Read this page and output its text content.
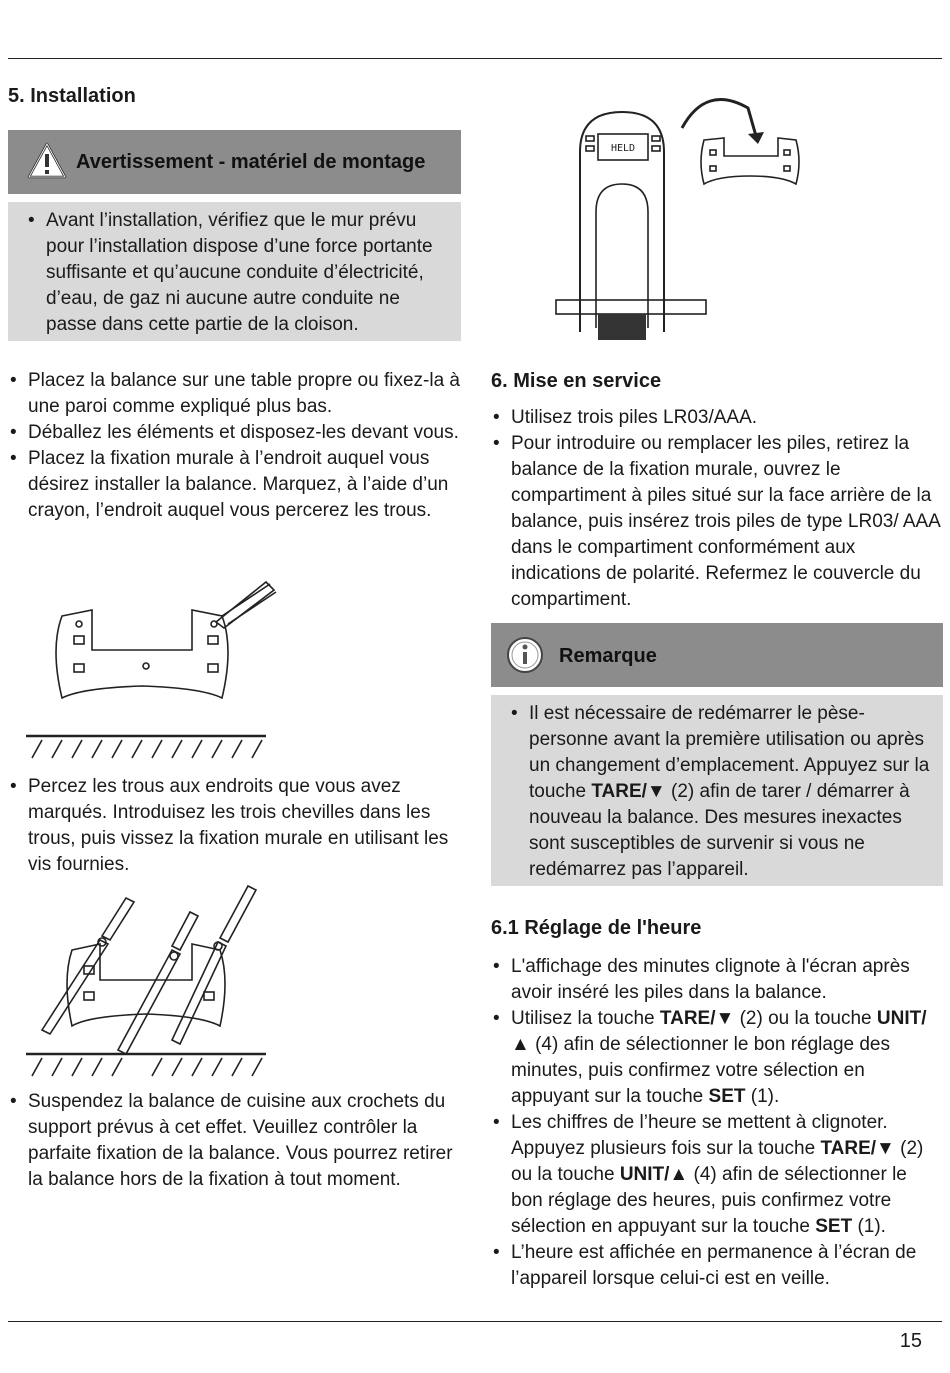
5. Installation
Avertissement - matériel de montage
• Avant l’installation, vérifiez que le mur prévu pour l’installation dispose d’une force portante suffisante et qu’aucune conduite d’électricité, d’eau, de gaz ni aucune autre conduite ne passe dans cette partie de la cloison.
• Placez la balance sur une table propre ou fixez-la à une paroi comme expliqué plus bas.
• Déballez les éléments et disposez-les devant vous.
• Placez la fixation murale à l’endroit auquel vous désirez installer la balance. Marquez, à l’aide d’un crayon, l’endroit auquel vous percerez les trous.
• Percez les trous aux endroits que vous avez marqués. Introduisez les trois chevilles dans les trous, puis vissez la fixation murale en utilisant les vis fournies.
• Suspendez la balance de cuisine aux crochets du support prévus à cet effet. Veuillez contrôler la parfaite fixation de la balance. Vous pourrez retirer la balance hors de la fixation à tout moment.
HELD
6. Mise en service
• Utilisez trois piles LR03/AAA.
• Pour introduire ou remplacer les piles, retirez la balance de la fixation murale, ouvrez le compartiment à piles situé sur la face arrière de la balance, puis insérez trois piles de type LR03/ AAA dans le compartiment conformément aux indications de polarité. Refermez le couvercle du compartiment.
Remarque
• Il est nécessaire de redémarrer le pèse-personne avant la première utilisation ou après un changement d’emplacement. Appuyez sur la touche TARE/▼ (2) afin de tarer / démarrer à nouveau la balance. Des mesures inexactes sont susceptibles de survenir si vous ne redémarrez pas l’appareil.
6.1 Réglage de l'heure
• L'affichage des minutes clignote à l'écran après avoir inséré les piles dans la balance.
• Utilisez la touche TARE/▼ (2) ou la touche UNIT/▲ (4) afin de sélectionner le bon réglage des minutes, puis confirmez votre sélection en appuyant sur la touche SET (1).
• Les chiffres de l’heure se mettent à clignoter. Appuyez plusieurs fois sur la touche TARE/▼ (2) ou la touche UNIT/▲ (4) afin de sélectionner le bon réglage des heures, puis confirmez votre sélection en appuyant sur la touche SET (1).
• L’heure est affichée en permanence à l’écran de l’appareil lorsque celui-ci est en veille.
15
